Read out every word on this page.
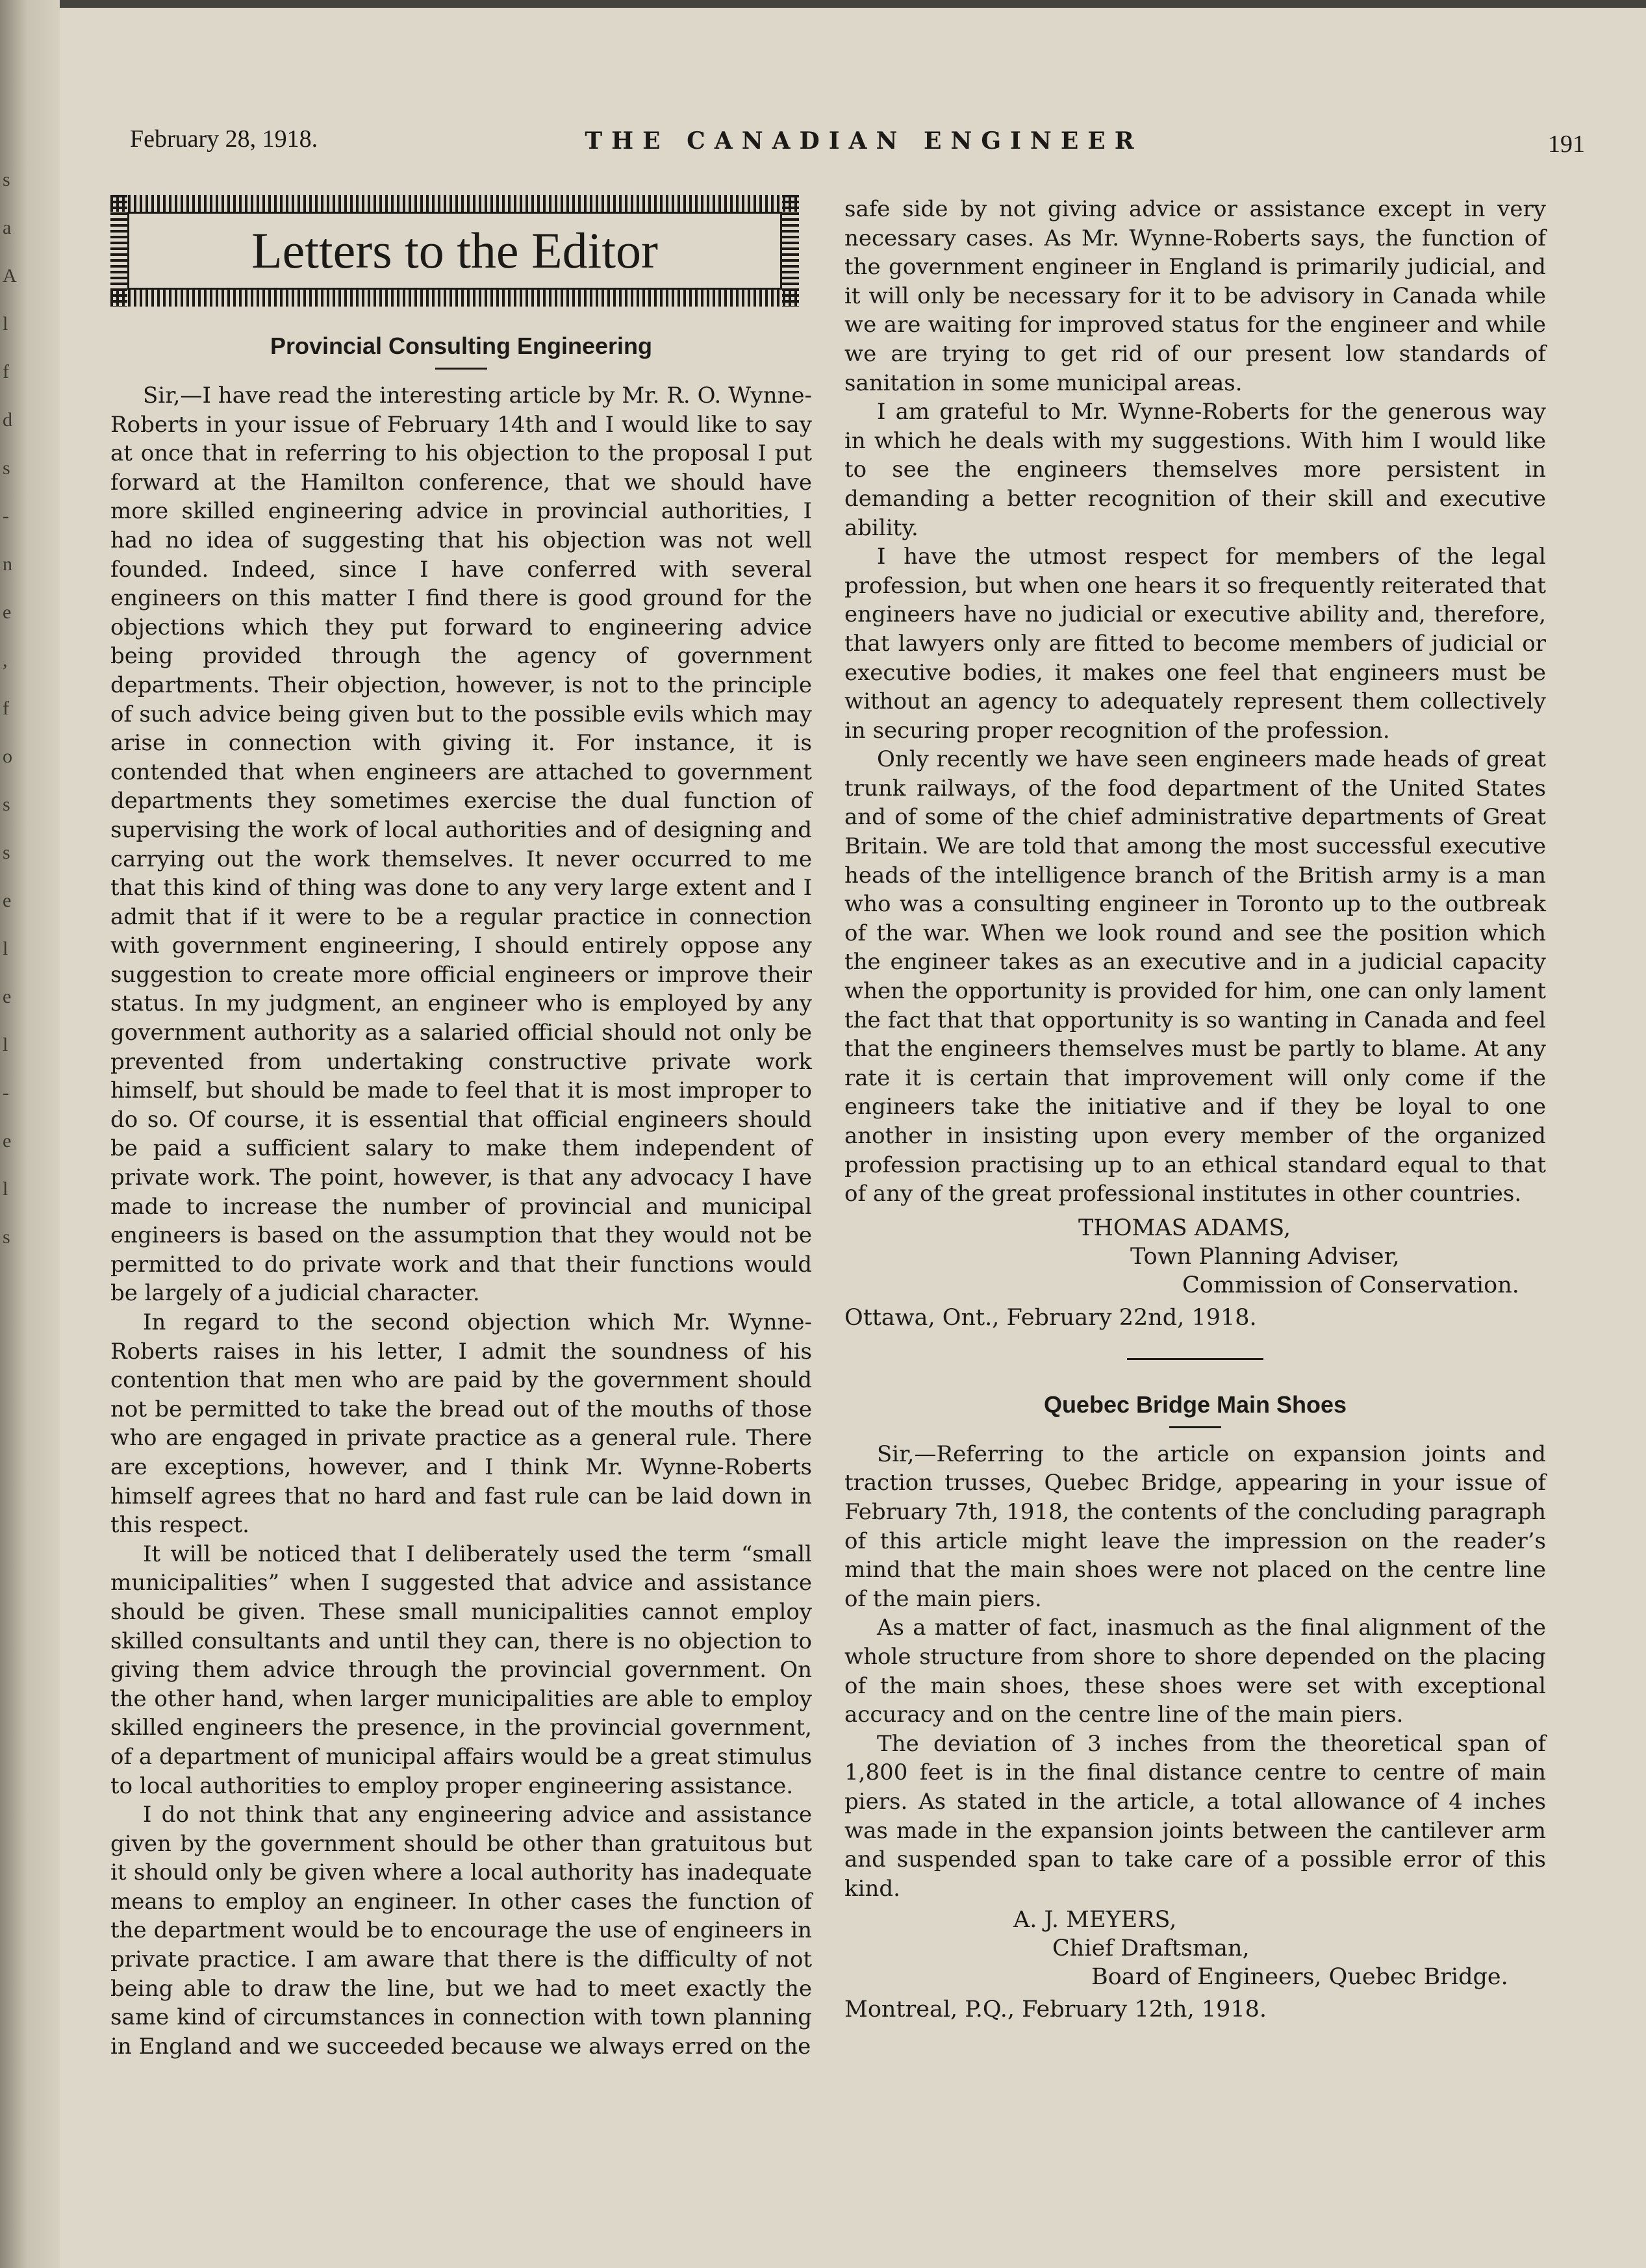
s
a
A
l
f
d
s
-
n
e
,
f
o
s
s
e
l
e
l
-
e
l
s
February 28, 1918.	THE CANADIAN ENGINEER	191
Letters to the Editor
Provincial Consulting Engineering

Sir,—I have read the interesting article by Mr. R. O. Wynne-Roberts in your issue of February 14th and I would like to say at once that in referring to his objection to the proposal I put forward at the Hamilton conference, that we should have more skilled engineering advice in provincial authorities, I had no idea of suggesting that his objection was not well founded. Indeed, since I have conferred with several engineers on this matter I find there is good ground for the objections which they put forward to engineering advice being provided through the agency of government departments. Their objection, however, is not to the principle of such advice being given but to the possible evils which may arise in connection with giving it. For instance, it is contended that when engineers are attached to government departments they sometimes exercise the dual function of supervising the work of local authorities and of designing and carrying out the work themselves. It never occurred to me that this kind of thing was done to any very large extent and I admit that if it were to be a regular practice in connection with government engineering, I should entirely oppose any suggestion to create more official engineers or improve their status. In my judgment, an engineer who is employed by any government authority as a salaried official should not only be prevented from undertaking constructive private work himself, but should be made to feel that it is most improper to do so. Of course, it is essential that official engineers should be paid a sufficient salary to make them independent of private work. The point, however, is that any advocacy I have made to increase the number of provincial and municipal engineers is based on the assumption that they would not be permitted to do private work and that their functions would be largely of a judicial character.

In regard to the second objection which Mr. Wynne-Roberts raises in his letter, I admit the soundness of his contention that men who are paid by the government should not be permitted to take the bread out of the mouths of those who are engaged in private practice as a general rule. There are exceptions, however, and I think Mr. Wynne-Roberts himself agrees that no hard and fast rule can be laid down in this respect.

It will be noticed that I deliberately used the term “small municipalities” when I suggested that advice and assistance should be given. These small municipalities cannot employ skilled consultants and until they can, there is no objection to giving them advice through the provincial government. On the other hand, when larger municipalities are able to employ skilled engineers the presence, in the provincial government, of a department of municipal affairs would be a great stimulus to local authorities to employ proper engineering assistance.

I do not think that any engineering advice and assistance given by the government should be other than gratuitous but it should only be given where a local authority has inadequate means to employ an engineer. In other cases the function of the department would be to encourage the use of engineers in private practice. I am aware that there is the difficulty of not being able to draw the line, but we had to meet exactly the same kind of circumstances in connection with town planning in England and we succeeded because we always erred on the

safe side by not giving advice or assistance except in very necessary cases. As Mr. Wynne-Roberts says, the function of the government engineer in England is primarily judicial, and it will only be necessary for it to be advisory in Canada while we are waiting for improved status for the engineer and while we are trying to get rid of our present low standards of sanitation in some municipal areas.

I am grateful to Mr. Wynne-Roberts for the generous way in which he deals with my suggestions. With him I would like to see the engineers themselves more persistent in demanding a better recognition of their skill and executive ability.

I have the utmost respect for members of the legal profession, but when one hears it so frequently reiterated that engineers have no judicial or executive ability and, therefore, that lawyers only are fitted to become members of judicial or executive bodies, it makes one feel that engineers must be without an agency to adequately represent them collectively in securing proper recognition of the profession.

Only recently we have seen engineers made heads of great trunk railways, of the food department of the United States and of some of the chief administrative departments of Great Britain. We are told that among the most successful executive heads of the intelligence branch of the British army is a man who was a consulting engineer in Toronto up to the outbreak of the war. When we look round and see the position which the engineer takes as an executive and in a judicial capacity when the opportunity is provided for him, one can only lament the fact that that opportunity is so wanting in Canada and feel that the engineers themselves must be partly to blame. At any rate it is certain that improvement will only come if the engineers take the initiative and if they be loyal to one another in insisting upon every member of the organized profession practising up to an ethical standard equal to that of any of the great professional institutes in other countries.

THOMAS ADAMS,
Town Planning Adviser,
Commission of Conservation.
Ottawa, Ont., February 22nd, 1918.
Quebec Bridge Main Shoes

Sir,—Referring to the article on expansion joints and traction trusses, Quebec Bridge, appearing in your issue of February 7th, 1918, the contents of the concluding paragraph of this article might leave the impression on the reader’s mind that the main shoes were not placed on the centre line of the main piers.

As a matter of fact, inasmuch as the final alignment of the whole structure from shore to shore depended on the placing of the main shoes, these shoes were set with exceptional accuracy and on the centre line of the main piers.

The deviation of 3 inches from the theoretical span of 1,800 feet is in the final distance centre to centre of main piers. As stated in the article, a total allowance of 4 inches was made in the expansion joints between the cantilever arm and suspended span to take care of a possible error of this kind.

A. J. MEYERS,
Chief Draftsman,
Board of Engineers, Quebec Bridge.
Montreal, P.Q., February 12th, 1918.
